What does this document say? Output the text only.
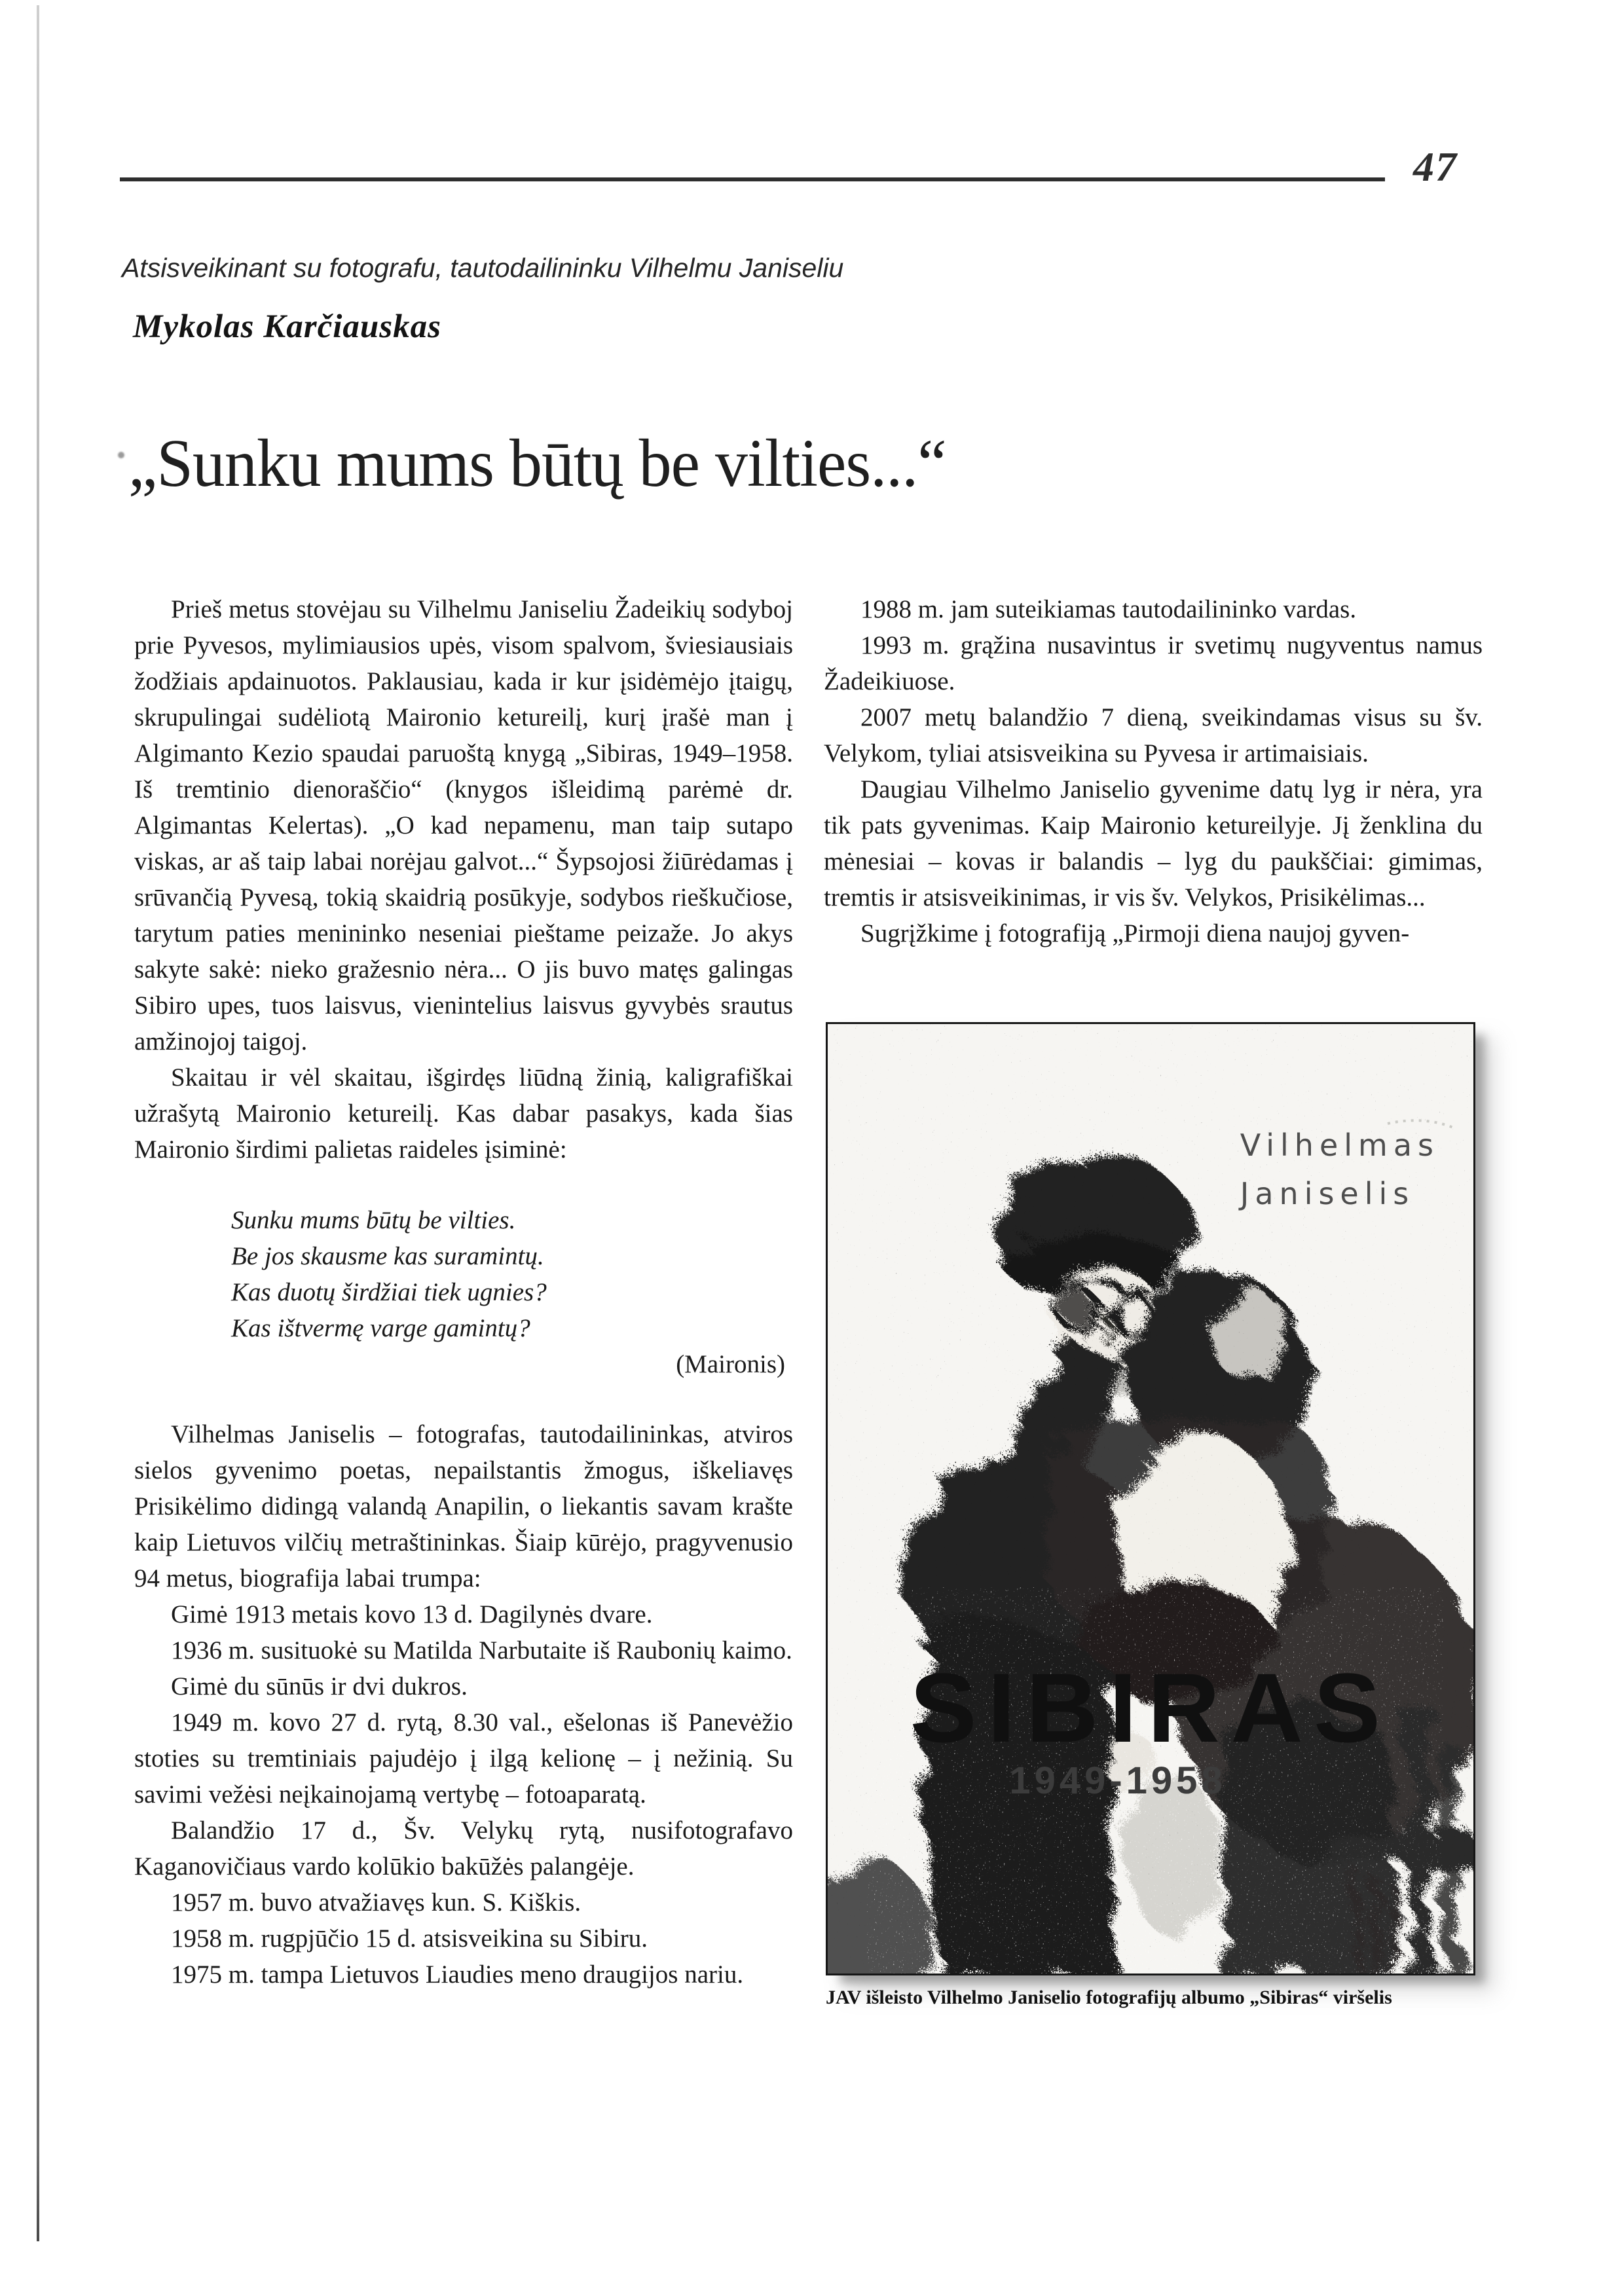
47
Atsisveikinant su fotografu, tautodailininku Vilhelmu Janiseliu
Mykolas Karčiauskas
„Sunku mums būtų be vilties...“

Prieš metus stovėjau su Vilhelmu Janiseliu Žadeikių sodyboj prie Pyvesos, mylimiausios upės, visom spalvom, šviesiausiais žodžiais apdainuotos. Paklausiau, kada ir kur įsidėmėjo įtaigų, skrupulingai sudėliotą Maironio ketureilį, kurį įrašė man į Algimanto Kezio spaudai paruoštą knygą „Sibiras, 1949–1958. Iš tremtinio dienoraščio“ (knygos išleidimą parėmė dr. Algimantas Kelertas). „O kad nepamenu, man taip sutapo viskas, ar aš taip labai norėjau galvot...“ Šypsojosi žiūrėdamas į srūvančią Pyvesą, tokią skaidrią posūkyje, sodybos rieškučiose, tarytum paties menininko neseniai pieštame peizaže. Jo akys sakyte sakė: nieko gražesnio nėra... O jis buvo matęs galingas Sibiro upes, tuos laisvus, vienintelius laisvus gyvybės srautus amžinojoj taigoj.

Skaitau ir vėl skaitau, išgirdęs liūdną žinią, kaligrafiškai užrašytą Maironio ketureilį. Kas dabar pasakys, kada šias Maironio širdimi palietas raideles įsiminė:

Sunku mums būtų be vilties.
Be jos skausme kas suramintų.
Kas duotų širdžiai tiek ugnies?
Kas ištvermę varge gamintų?
(Maironis)

Vilhelmas Janiselis – fotografas, tautodailininkas, atviros sielos gyvenimo poetas, nepailstantis žmogus, iškeliavęs Prisikėlimo didingą valandą Anapilin, o liekantis savam krašte kaip Lietuvos vilčių metraštininkas. Šiaip kūrėjo, pragyvenusio 94 metus, biografija labai trumpa:

Gimė 1913 metais kovo 13 d. Dagilynės dvare.

1936 m. susituokė su Matilda Narbutaite iš Raubonių kaimo.

Gimė du sūnūs ir dvi dukros.

1949 m. kovo 27 d. rytą, 8.30 val., ešelonas iš Panevėžio stoties su tremtiniais pajudėjo į ilgą kelionę – į nežinią. Su savimi vežėsi neįkainojamą vertybę – fotoaparatą.

Balandžio 17 d., Šv. Velykų rytą, nusifotografavo Kaganovičiaus vardo kolūkio bakūžės palangėje.

1957 m. buvo atvažiavęs kun. S. Kiškis.

1958 m. rugpjūčio 15 d. atsisveikina su Sibiru.

1975 m. tampa Lietuvos Liaudies meno draugijos nariu.

1988 m. jam suteikiamas tautodailininko vardas.

1993 m. grąžina nusavintus ir svetimų nugyventus namus Žadeikiuose.

2007 metų balandžio 7 dieną, sveikindamas visus su šv. Velykom, tyliai atsisveikina su Pyvesa ir artimaisiais.

Daugiau Vilhelmo Janiselio gyvenime datų lyg ir nėra, yra tik pats gyvenimas. Kaip Maironio ketureilyje. Jį ženklina du mėnesiai – kovas ir balandis – lyg du paukščiai: gimimas, tremtis ir atsisveikinimas, ir vis šv. Velykos, Prisikėlimas...

Sugrįžkime į fotografiją „Pirmoji diena naujoj gyven-

Vilhelmas
Janiselis
SIBIRAS
1949-1958
JAV išleisto Vilhelmo Janiselio fotografijų albumo „Sibiras“ viršelis
